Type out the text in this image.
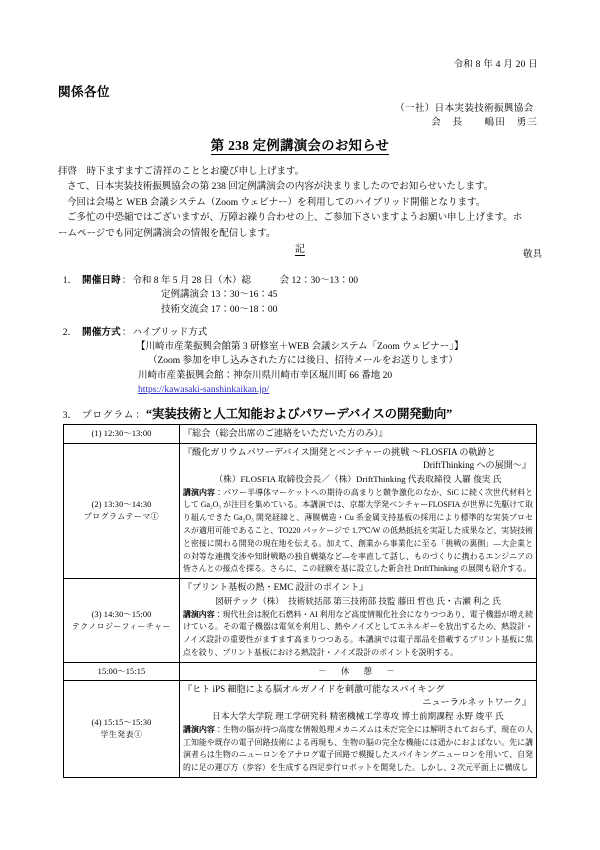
令和 8 年 4 月 20 日
関係各位
（一社）日本実装技術振興協会
会　長　　嶋田　勇三
第 238 定例講演会のお知らせ

拝啓　時下ますますご清祥のこととお慶び申し上げます。

さて、日本実装技術振興協会の第 238 回定例講演会の内容が決まりましたのでお知らせいたします。

今回は会場と WEB 会議システム（Zoom ウェビナー）を利用してのハイブリッド開催となります。

ご多忙の中恐縮ではございますが、万障お繰り合わせの上、ご参加下さいますようお願い申し上げます。ホ

ームページでも同定例講演会の情報を配信します。

敬具

記
1． 開催日時 ： 令和 8 年 5 月 28 日（木）総　　　会 12：30～13：00
定例講演会 13：30～16：45
技術交流会 17：00～18：00
2． 開催方式 ： ハイブリッド方式
【川崎市産業振興会館第 3 研修室＋WEB 会議システム「Zoom ウェビナー」】
（Zoom 参加を申し込みされた方には後日、招待メールをお送りします）
川崎市産業振興会館：神奈川県川崎市幸区堀川町 66 番地 20
https://kawasaki-sanshinkaikan.jp/
3． プログラム ： “実装技術と人工知能およびパワーデバイスの開発動向”
(1) 12:30～13:00	『総会（総会出席のご連絡をいただいた方のみ）』

(2) 13:30～14:30
プログラムテーマ①

『酸化ガリウムパワーデバイス開発とベンチャーの挑戦 ～FLOSFIA の軌跡と
DriftThinking への展開～』
（株）FLOSFIA 取締役会長／（株）DriftThinking 代表取締役 人羅 俊実 氏
講演内容：パワー半導体マーケットへの期待の高まりと競争激化のなか、SiC に続く次世代材料として Ga₂O₃ が注目を集めている。本講演では、京都大学発ベンチャーFLOSFIA が世界に先駆けて取り組んできた Ga₂O₃ 開発経緯と、薄膜構造・Cu 系金属支持基板の採用により標準的な実装プロセスが適用可能であること、TO220 パッケージで 1.7℃/W の低熱抵抗を実証した成果など、実装技術と密接に関わる開発の現在地を伝える。加えて、創業から事業化に至る「挑戦の裏側」―大企業との対等な連携交渉や知財戦略の独自構築など―を率直して話し、ものづくりに携わるエンジニアの皆さんとの接点を探る。さらに、この経験を基に設立した新会社 DriftThinking の展開も紹介する。

(3) 14:30～15:00
テクノロジーフィーチャー

『プリント基板の熱・EMC 設計のポイント』
図研テック（株）　技術統括部 第三技術部 技監 藤田 哲也 氏・古瀬 利之 氏
講演内容：現代社会は脱化石燃料・AI 利用など高度情報化社会になりつつあり、電子機器が増え続けている。その電子機器は電気を利用し、熱やノイズとしてエネルギーを放出するため、熱設計・ノイズ設計の重要性がますます高まりつつある。本講演では電子部品を搭載するプリント基板に焦点を絞り、プリント基板における熱設計・ノイズ設計のポイントを説明する。

15:00～15:15	－　休　憩　－

(4) 15:15～15:30
学生発表①

『ヒト iPS 細胞による脳オルガノイドを刺激可能なスパイキング
ニューラルネットワーク』
日本大学大学院 理工学研究科 精密機械工学専攻 博士前期課程 永野 竣平 氏
講演内容：生物の脳が持つ高度な情報処理メカニズムは未だ完全には解明されておらず、現在の人工知能や既存の電子回路技術による再現も、生物の脳の完全な機能には遥かにおよばない。先に講演者らは生物のニューロンをアナログ電子回路で模擬したスパイキングニューロンを用いて、自発的に足の運び方（歩容）を生成する四足歩行ロボットを開発した。しかし、2 次元平面上に構成し
